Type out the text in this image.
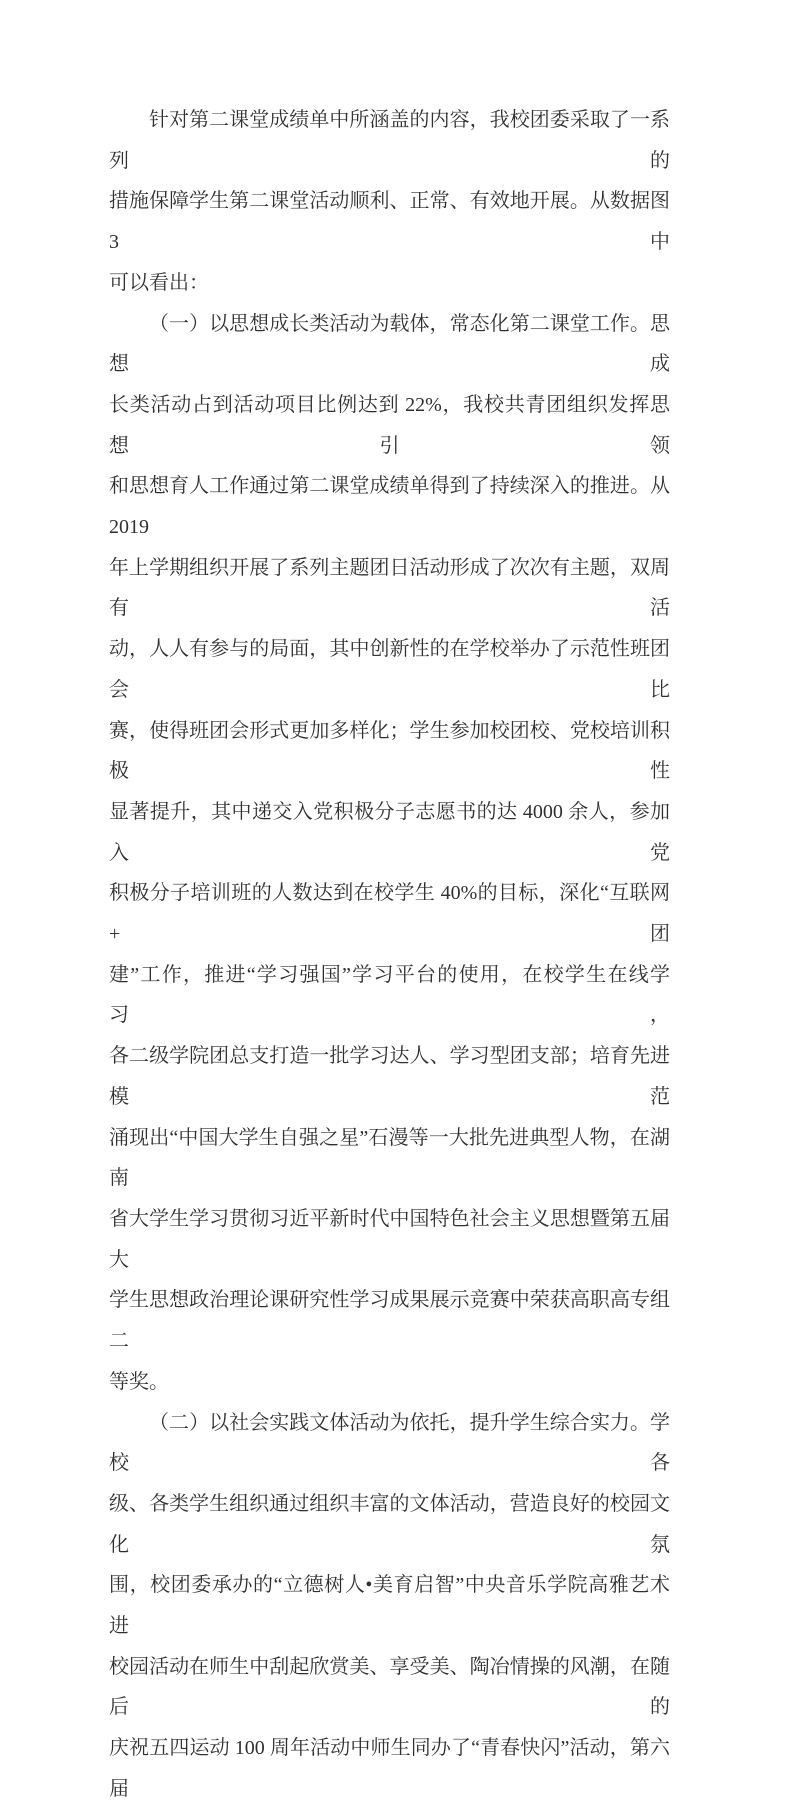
针对第二课堂成绩单中所涵盖的内容，我校团委采取了一系列的
措施保障学生第二课堂活动顺利、正常、有效地开展。从数据图 3 中
可以看出：
（一）以思想成长类活动为载体，常态化第二课堂工作。思想成
长类活动占到活动项目比例达到 22%，我校共青团组织发挥思想引领
和思想育人工作通过第二课堂成绩单得到了持续深入的推进。从 2019
年上学期组织开展了系列主题团日活动形成了次次有主题，双周有活
动，人人有参与的局面，其中创新性的在学校举办了示范性班团会比
赛，使得班团会形式更加多样化；学生参加校团校、党校培训积极性
显著提升，其中递交入党积极分子志愿书的达 4000 余人，参加入党
积极分子培训班的人数达到在校学生 40%的目标，深化“互联网+团
建”工作，推进“学习强国”学习平台的使用，在校学生在线学习，
各二级学院团总支打造一批学习达人、学习型团支部；培育先进模范
涌现出“中国大学生自强之星”石漫等一大批先进典型人物，在湖南
省大学生学习贯彻习近平新时代中国特色社会主义思想暨第五届大
学生思想政治理论课研究性学习成果展示竞赛中荣获高职高专组二
等奖。
（二）以社会实践文体活动为依托，提升学生综合实力。学校各
级、各类学生组织通过组织丰富的文体活动，营造良好的校园文化氛
围，校团委承办的“立德树人•美育启智”中央音乐学院高雅艺术进
校园活动在师生中刮起欣赏美、享受美、陶冶情操的风潮，在随后的
庆祝五四运动 100 周年活动中师生同办了“青春快闪”活动，第六届
